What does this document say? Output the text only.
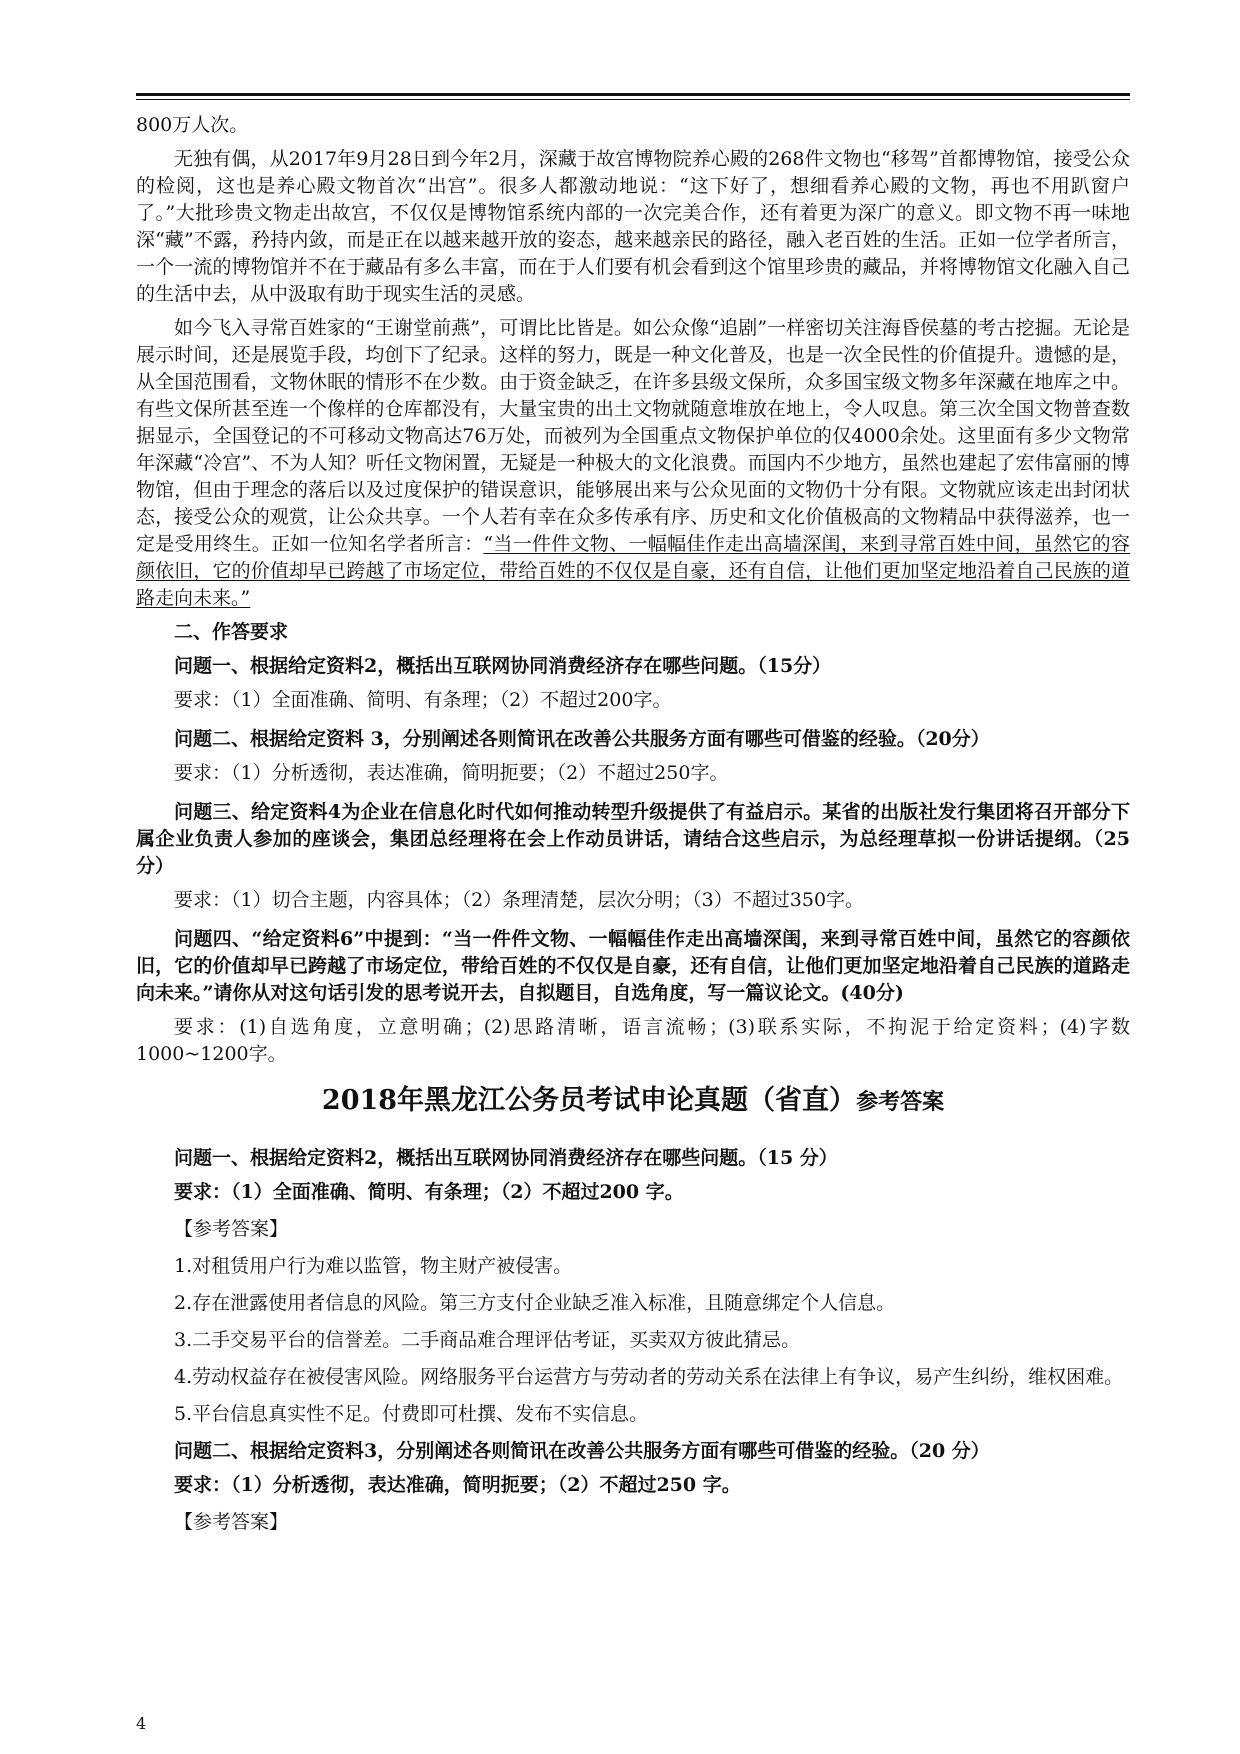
800万人次。

无独有偶，从2017年9月28日到今年2月，深藏于故宫博物院养心殿的268件文物也“移驾”首都博物馆，接受公众的检阅，这也是养心殿文物首次“出宫”。很多人都激动地说：“这下好了，想细看养心殿的文物，再也不用趴窗户了。”大批珍贵文物走出故宫，不仅仅是博物馆系统内部的一次完美合作，还有着更为深广的意义。即文物不再一味地深“藏”不露，矜持内敛，而是正在以越来越开放的姿态，越来越亲民的路径，融入老百姓的生活。正如一位学者所言，一个一流的博物馆并不在于藏品有多么丰富，而在于人们要有机会看到这个馆里珍贵的藏品，并将博物馆文化融入自己的生活中去，从中汲取有助于现实生活的灵感。

如今飞入寻常百姓家的“王谢堂前燕”，可谓比比皆是。如公众像“追剧”一样密切关注海昏侯墓的考古挖掘。无论是展示时间，还是展览手段，均创下了纪录。这样的努力，既是一种文化普及，也是一次全民性的价值提升。遗憾的是，从全国范围看，文物休眠的情形不在少数。由于资金缺乏，在许多县级文保所，众多国宝级文物多年深藏在地库之中。有些文保所甚至连一个像样的仓库都没有，大量宝贵的出土文物就随意堆放在地上，令人叹息。第三次全国文物普查数据显示，全国登记的不可移动文物高达76万处，而被列为全国重点文物保护单位的仅4000余处。这里面有多少文物常年深藏“冷宫”、不为人知？听任文物闲置，无疑是一种极大的文化浪费。而国内不少地方，虽然也建起了宏伟富丽的博物馆，但由于理念的落后以及过度保护的错误意识，能够展出来与公众见面的文物仍十分有限。文物就应该走出封闭状态，接受公众的观赏，让公众共享。一个人若有幸在众多传承有序、历史和文化价值极高的文物精品中获得滋养，也一定是受用终生。正如一位知名学者所言：“当一件件文物、一幅幅佳作走出高墙深闺，来到寻常百姓中间，虽然它的容颜依旧，它的价值却早已跨越了市场定位，带给百姓的不仅仅是自豪，还有自信，让他们更加坚定地沿着自己民族的道路走向未来。”

二、作答要求

问题一、根据给定资料2，概括出互联网协同消费经济存在哪些问题。（15分）

要求：（1）全面准确、简明、有条理；（2）不超过200字。

问题二、根据给定资料 3，分别阐述各则简讯在改善公共服务方面有哪些可借鉴的经验。（20分）

要求：（1）分析透彻，表达准确，简明扼要；（2）不超过250字。

问题三、给定资料4为企业在信息化时代如何推动转型升级提供了有益启示。某省的出版社发行集团将召开部分下属企业负责人参加的座谈会，集团总经理将在会上作动员讲话，请结合这些启示，为总经理草拟一份讲话提纲。（25分）

要求：（1）切合主题，内容具体；（2）条理清楚，层次分明；（3）不超过350字。

问题四、“给定资料6”中提到：“当一件件文物、一幅幅佳作走出高墙深闺，来到寻常百姓中间，虽然它的容颜依旧，它的价值却早已跨越了市场定位，带给百姓的不仅仅是自豪，还有自信，让他们更加坚定地沿着自己民族的道路走向未来。”请你从对这句话引发的思考说开去，自拟题目，自选角度，写一篇议论文。(40分)

要求：(1)自选角度，立意明确；(2)思路清晰，语言流畅；(3)联系实际，不拘泥于给定资料；(4)字数1000~1200字。

2018年黑龙江公务员考试申论真题（省直）参考答案

问题一、根据给定资料2，概括出互联网协同消费经济存在哪些问题。（15 分）

要求：（1）全面准确、简明、有条理；（2）不超过200 字。

【参考答案】

1.对租赁用户行为难以监管，物主财产被侵害。

2.存在泄露使用者信息的风险。第三方支付企业缺乏准入标准，且随意绑定个人信息。

3.二手交易平台的信誉差。二手商品难合理评估考证，买卖双方彼此猜忌。

4.劳动权益存在被侵害风险。网络服务平台运营方与劳动者的劳动关系在法律上有争议，易产生纠纷，维权困难。

5.平台信息真实性不足。付费即可杜撰、发布不实信息。

问题二、根据给定资料3，分别阐述各则简讯在改善公共服务方面有哪些可借鉴的经验。（20 分）

要求：（1）分析透彻，表达准确，简明扼要；（2）不超过250 字。

【参考答案】

4
